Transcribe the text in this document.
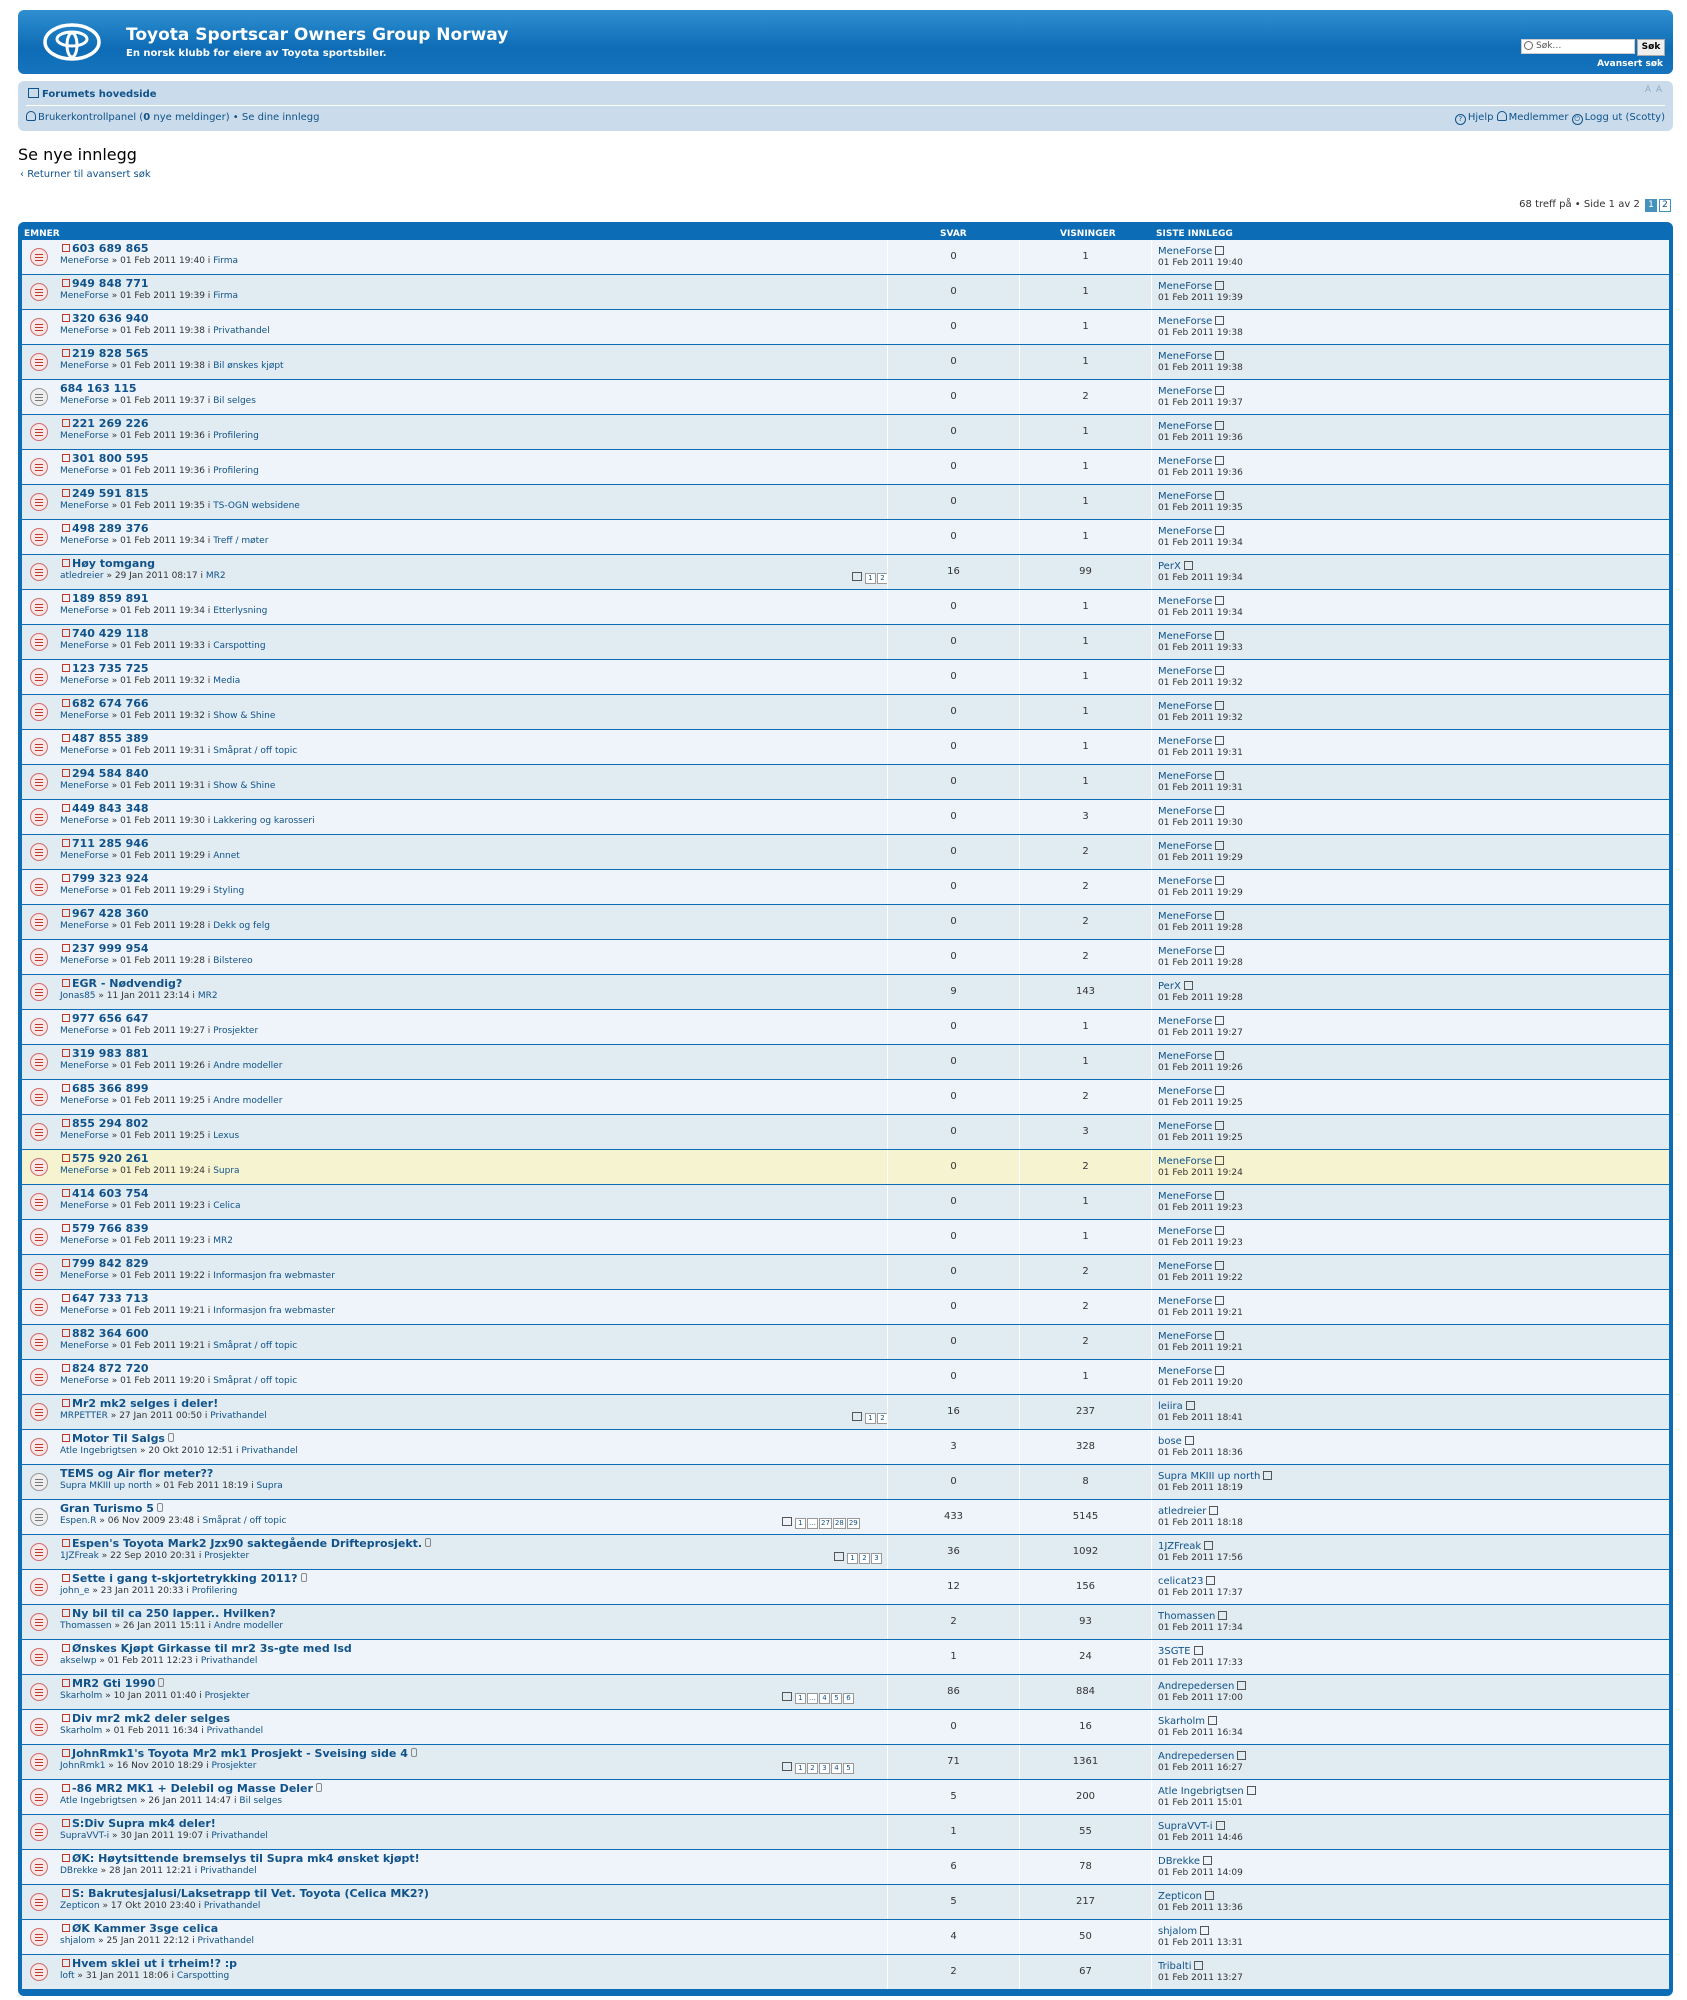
Toyota Sportscar Owners Group Norway
En norsk klubb for eiere av Toyota sportsbiler.
Søk…	Søk
Avansert søk
Forumets hovedside	A A
Brukerkontrollpanel (0 nye meldinger) • Se dine innlegg	? Hjelp Medlemmer ⏻ Logg ut (Scotty)
Se nye innlegg
‹ Returner til avansert søk
68 treff på • Side 1 av 2 1 2
EMNER	SVAR	VISNINGER	SISTE INNLEGG
603 689 865
MeneForse » 01 Feb 2011 19:40 i Firma	0	1	MeneForse
01 Feb 2011 19:40
949 848 771
MeneForse » 01 Feb 2011 19:39 i Firma	0	1	MeneForse
01 Feb 2011 19:39
320 636 940
MeneForse » 01 Feb 2011 19:38 i Privathandel	0	1	MeneForse
01 Feb 2011 19:38
219 828 565
MeneForse » 01 Feb 2011 19:38 i Bil ønskes kjøpt	0	1	MeneForse
01 Feb 2011 19:38
684 163 115
MeneForse » 01 Feb 2011 19:37 i Bil selges	0	2	MeneForse
01 Feb 2011 19:37
221 269 226
MeneForse » 01 Feb 2011 19:36 i Profilering	0	1	MeneForse
01 Feb 2011 19:36
301 800 595
MeneForse » 01 Feb 2011 19:36 i Profilering	0	1	MeneForse
01 Feb 2011 19:36
249 591 815
MeneForse » 01 Feb 2011 19:35 i TS-OGN websidene	0	1	MeneForse
01 Feb 2011 19:35
498 289 376
MeneForse » 01 Feb 2011 19:34 i Treff / møter	0	1	MeneForse
01 Feb 2011 19:34
Høy tomgang
atledreier » 29 Jan 2011 08:17 i MR2	1 2
16	99	PerX
01 Feb 2011 19:34
189 859 891
MeneForse » 01 Feb 2011 19:34 i Etterlysning	0	1	MeneForse
01 Feb 2011 19:34
740 429 118
MeneForse » 01 Feb 2011 19:33 i Carspotting	0	1	MeneForse
01 Feb 2011 19:33
123 735 725
MeneForse » 01 Feb 2011 19:32 i Media	0	1	MeneForse
01 Feb 2011 19:32
682 674 766
MeneForse » 01 Feb 2011 19:32 i Show & Shine	0	1	MeneForse
01 Feb 2011 19:32
487 855 389
MeneForse » 01 Feb 2011 19:31 i Småprat / off topic	0	1	MeneForse
01 Feb 2011 19:31
294 584 840
MeneForse » 01 Feb 2011 19:31 i Show & Shine	0	1	MeneForse
01 Feb 2011 19:31
449 843 348
MeneForse » 01 Feb 2011 19:30 i Lakkering og karosseri	0	3	MeneForse
01 Feb 2011 19:30
711 285 946
MeneForse » 01 Feb 2011 19:29 i Annet	0	2	MeneForse
01 Feb 2011 19:29
799 323 924
MeneForse » 01 Feb 2011 19:29 i Styling	0	2	MeneForse
01 Feb 2011 19:29
967 428 360
MeneForse » 01 Feb 2011 19:28 i Dekk og felg	0	2	MeneForse
01 Feb 2011 19:28
237 999 954
MeneForse » 01 Feb 2011 19:28 i Bilstereo	0	2	MeneForse
01 Feb 2011 19:28
EGR - Nødvendig?
Jonas85 » 11 Jan 2011 23:14 i MR2	9	143	PerX
01 Feb 2011 19:28
977 656 647
MeneForse » 01 Feb 2011 19:27 i Prosjekter	0	1	MeneForse
01 Feb 2011 19:27
319 983 881
MeneForse » 01 Feb 2011 19:26 i Andre modeller	0	1	MeneForse
01 Feb 2011 19:26
685 366 899
MeneForse » 01 Feb 2011 19:25 i Andre modeller	0	2	MeneForse
01 Feb 2011 19:25
855 294 802
MeneForse » 01 Feb 2011 19:25 i Lexus	0	3	MeneForse
01 Feb 2011 19:25
575 920 261
MeneForse » 01 Feb 2011 19:24 i Supra	0	2	MeneForse
01 Feb 2011 19:24
414 603 754
MeneForse » 01 Feb 2011 19:23 i Celica	0	1	MeneForse
01 Feb 2011 19:23
579 766 839
MeneForse » 01 Feb 2011 19:23 i MR2	0	1	MeneForse
01 Feb 2011 19:23
799 842 829
MeneForse » 01 Feb 2011 19:22 i Informasjon fra webmaster	0	2	MeneForse
01 Feb 2011 19:22
647 733 713
MeneForse » 01 Feb 2011 19:21 i Informasjon fra webmaster	0	2	MeneForse
01 Feb 2011 19:21
882 364 600
MeneForse » 01 Feb 2011 19:21 i Småprat / off topic	0	2	MeneForse
01 Feb 2011 19:21
824 872 720
MeneForse » 01 Feb 2011 19:20 i Småprat / off topic	0	1	MeneForse
01 Feb 2011 19:20
Mr2 mk2 selges i deler!
MRPETTER » 27 Jan 2011 00:50 i Privathandel	1 2
16	237	leiira
01 Feb 2011 18:41
Motor Til Salgs
Atle Ingebrigtsen » 20 Okt 2010 12:51 i Privathandel	3	328	bose
01 Feb 2011 18:36
TEMS og Air flor meter??
Supra MKIII up north » 01 Feb 2011 18:19 i Supra	0	8	Supra MKIII up north
01 Feb 2011 18:19
Gran Turismo 5
Espen.R » 06 Nov 2009 23:48 i Småprat / off topic	1 … 27 28 29
433	5145	atledreier
01 Feb 2011 18:18
Espen's Toyota Mark2 Jzx90 saktegående Drifteprosjekt.
1JZFreak » 22 Sep 2010 20:31 i Prosjekter	1 2 3
36	1092	1JZFreak
01 Feb 2011 17:56
Sette i gang t-skjortetrykking 2011?
john_e » 23 Jan 2011 20:33 i Profilering	12	156	celicat23
01 Feb 2011 17:37
Ny bil til ca 250 lapper.. Hvilken?
Thomassen » 26 Jan 2011 15:11 i Andre modeller	2	93	Thomassen
01 Feb 2011 17:34
Ønskes Kjøpt Girkasse til mr2 3s-gte med lsd
akselwp » 01 Feb 2011 12:23 i Privathandel	1	24	3SGTE
01 Feb 2011 17:33
MR2 Gti 1990
Skarholm » 10 Jan 2011 01:40 i Prosjekter	1 … 4 5 6
86	884	Andrepedersen
01 Feb 2011 17:00
Div mr2 mk2 deler selges
Skarholm » 01 Feb 2011 16:34 i Privathandel	0	16	Skarholm
01 Feb 2011 16:34
JohnRmk1's Toyota Mr2 mk1 Prosjekt - Sveising side 4
JohnRmk1 » 16 Nov 2010 18:29 i Prosjekter	1 2 3 4 5
71	1361	Andrepedersen
01 Feb 2011 16:27
-86 MR2 MK1 + Delebil og Masse Deler
Atle Ingebrigtsen » 26 Jan 2011 14:47 i Bil selges	5	200	Atle Ingebrigtsen
01 Feb 2011 15:01
S:Div Supra mk4 deler!
SupraVVT-i » 30 Jan 2011 19:07 i Privathandel	1	55	SupraVVT-i
01 Feb 2011 14:46
ØK: Høytsittende bremselys til Supra mk4 ønsket kjøpt!
DBrekke » 28 Jan 2011 12:21 i Privathandel	6	78	DBrekke
01 Feb 2011 14:09
S: Bakrutesjalusi/Laksetrapp til Vet. Toyota (Celica MK2?)
Zepticon » 17 Okt 2010 23:40 i Privathandel	5	217	Zepticon
01 Feb 2011 13:36
ØK Kammer 3sge celica
shjalom » 25 Jan 2011 22:12 i Privathandel	4	50	shjalom
01 Feb 2011 13:31
Hvem sklei ut i trheim!? :p
loft » 31 Jan 2011 18:06 i Carspotting	2	67	Tribalti
01 Feb 2011 13:27
